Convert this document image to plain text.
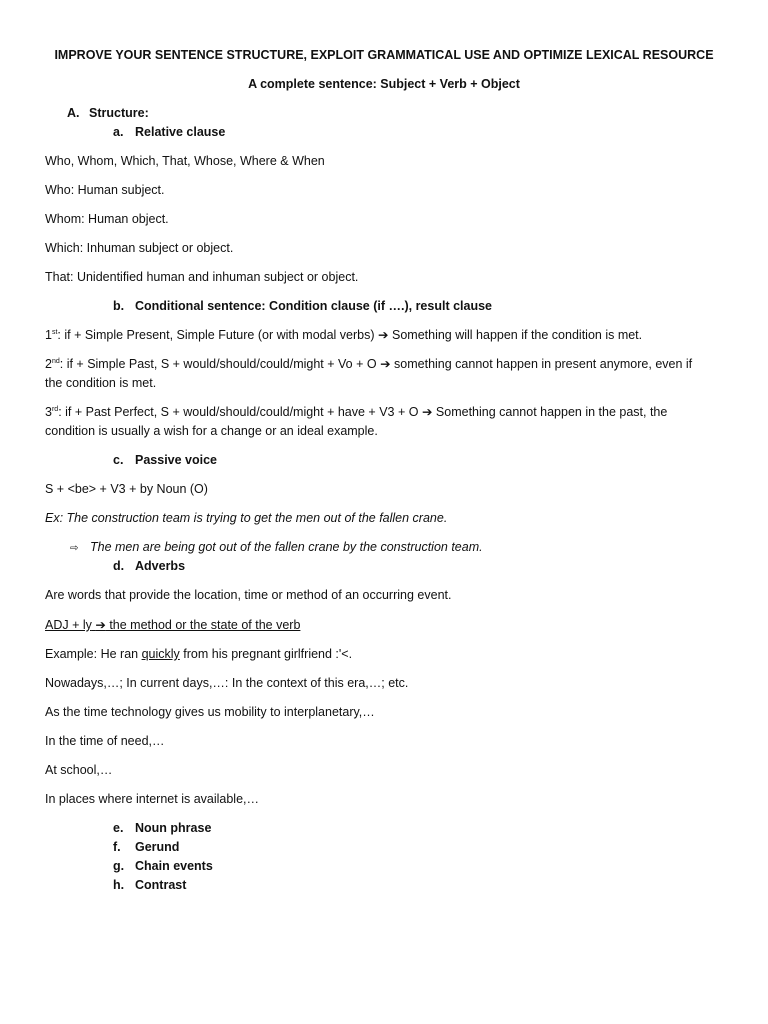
IMPROVE YOUR SENTENCE STRUCTURE, EXPLOIT GRAMMATICAL USE AND OPTIMIZE LEXICAL RESOURCE
A complete sentence: Subject + Verb + Object
A. Structure:
a. Relative clause
Who, Whom, Which, That, Whose, Where & When
Who: Human subject.
Whom: Human object.
Which: Inhuman subject or object.
That: Unidentified human and inhuman subject or object.
b. Conditional sentence: Condition clause (if ….), result clause
1st: if + Simple Present, Simple Future (or with modal verbs) ➔ Something will happen if the condition is met.
2nd: if + Simple Past, S + would/should/could/might + Vo + O ➔ something cannot happen in present anymore, even if
the condition is met.
3rd: if + Past Perfect, S + would/should/could/might + have + V3 + O ➔ Something cannot happen in the past, the
condition is usually a wish for a change or an ideal example.
c. Passive voice
S + <be> + V3 + by Noun (O)
Ex: The construction team is trying to get the men out of the fallen crane.
⇨ The men are being got out of the fallen crane by the construction team.
d. Adverbs
Are words that provide the location, time or method of an occurring event.
ADJ + ly ➔ the method or the state of the verb
Example: He ran quickly from his pregnant girlfriend :'<.
Nowadays,…; In current days,…: In the context of this era,…; etc.
As the time technology gives us mobility to interplanetary,…
In the time of need,…
At school,…
In places where internet is available,…
e. Noun phrase
f. Gerund
g. Chain events
h. Contrast
